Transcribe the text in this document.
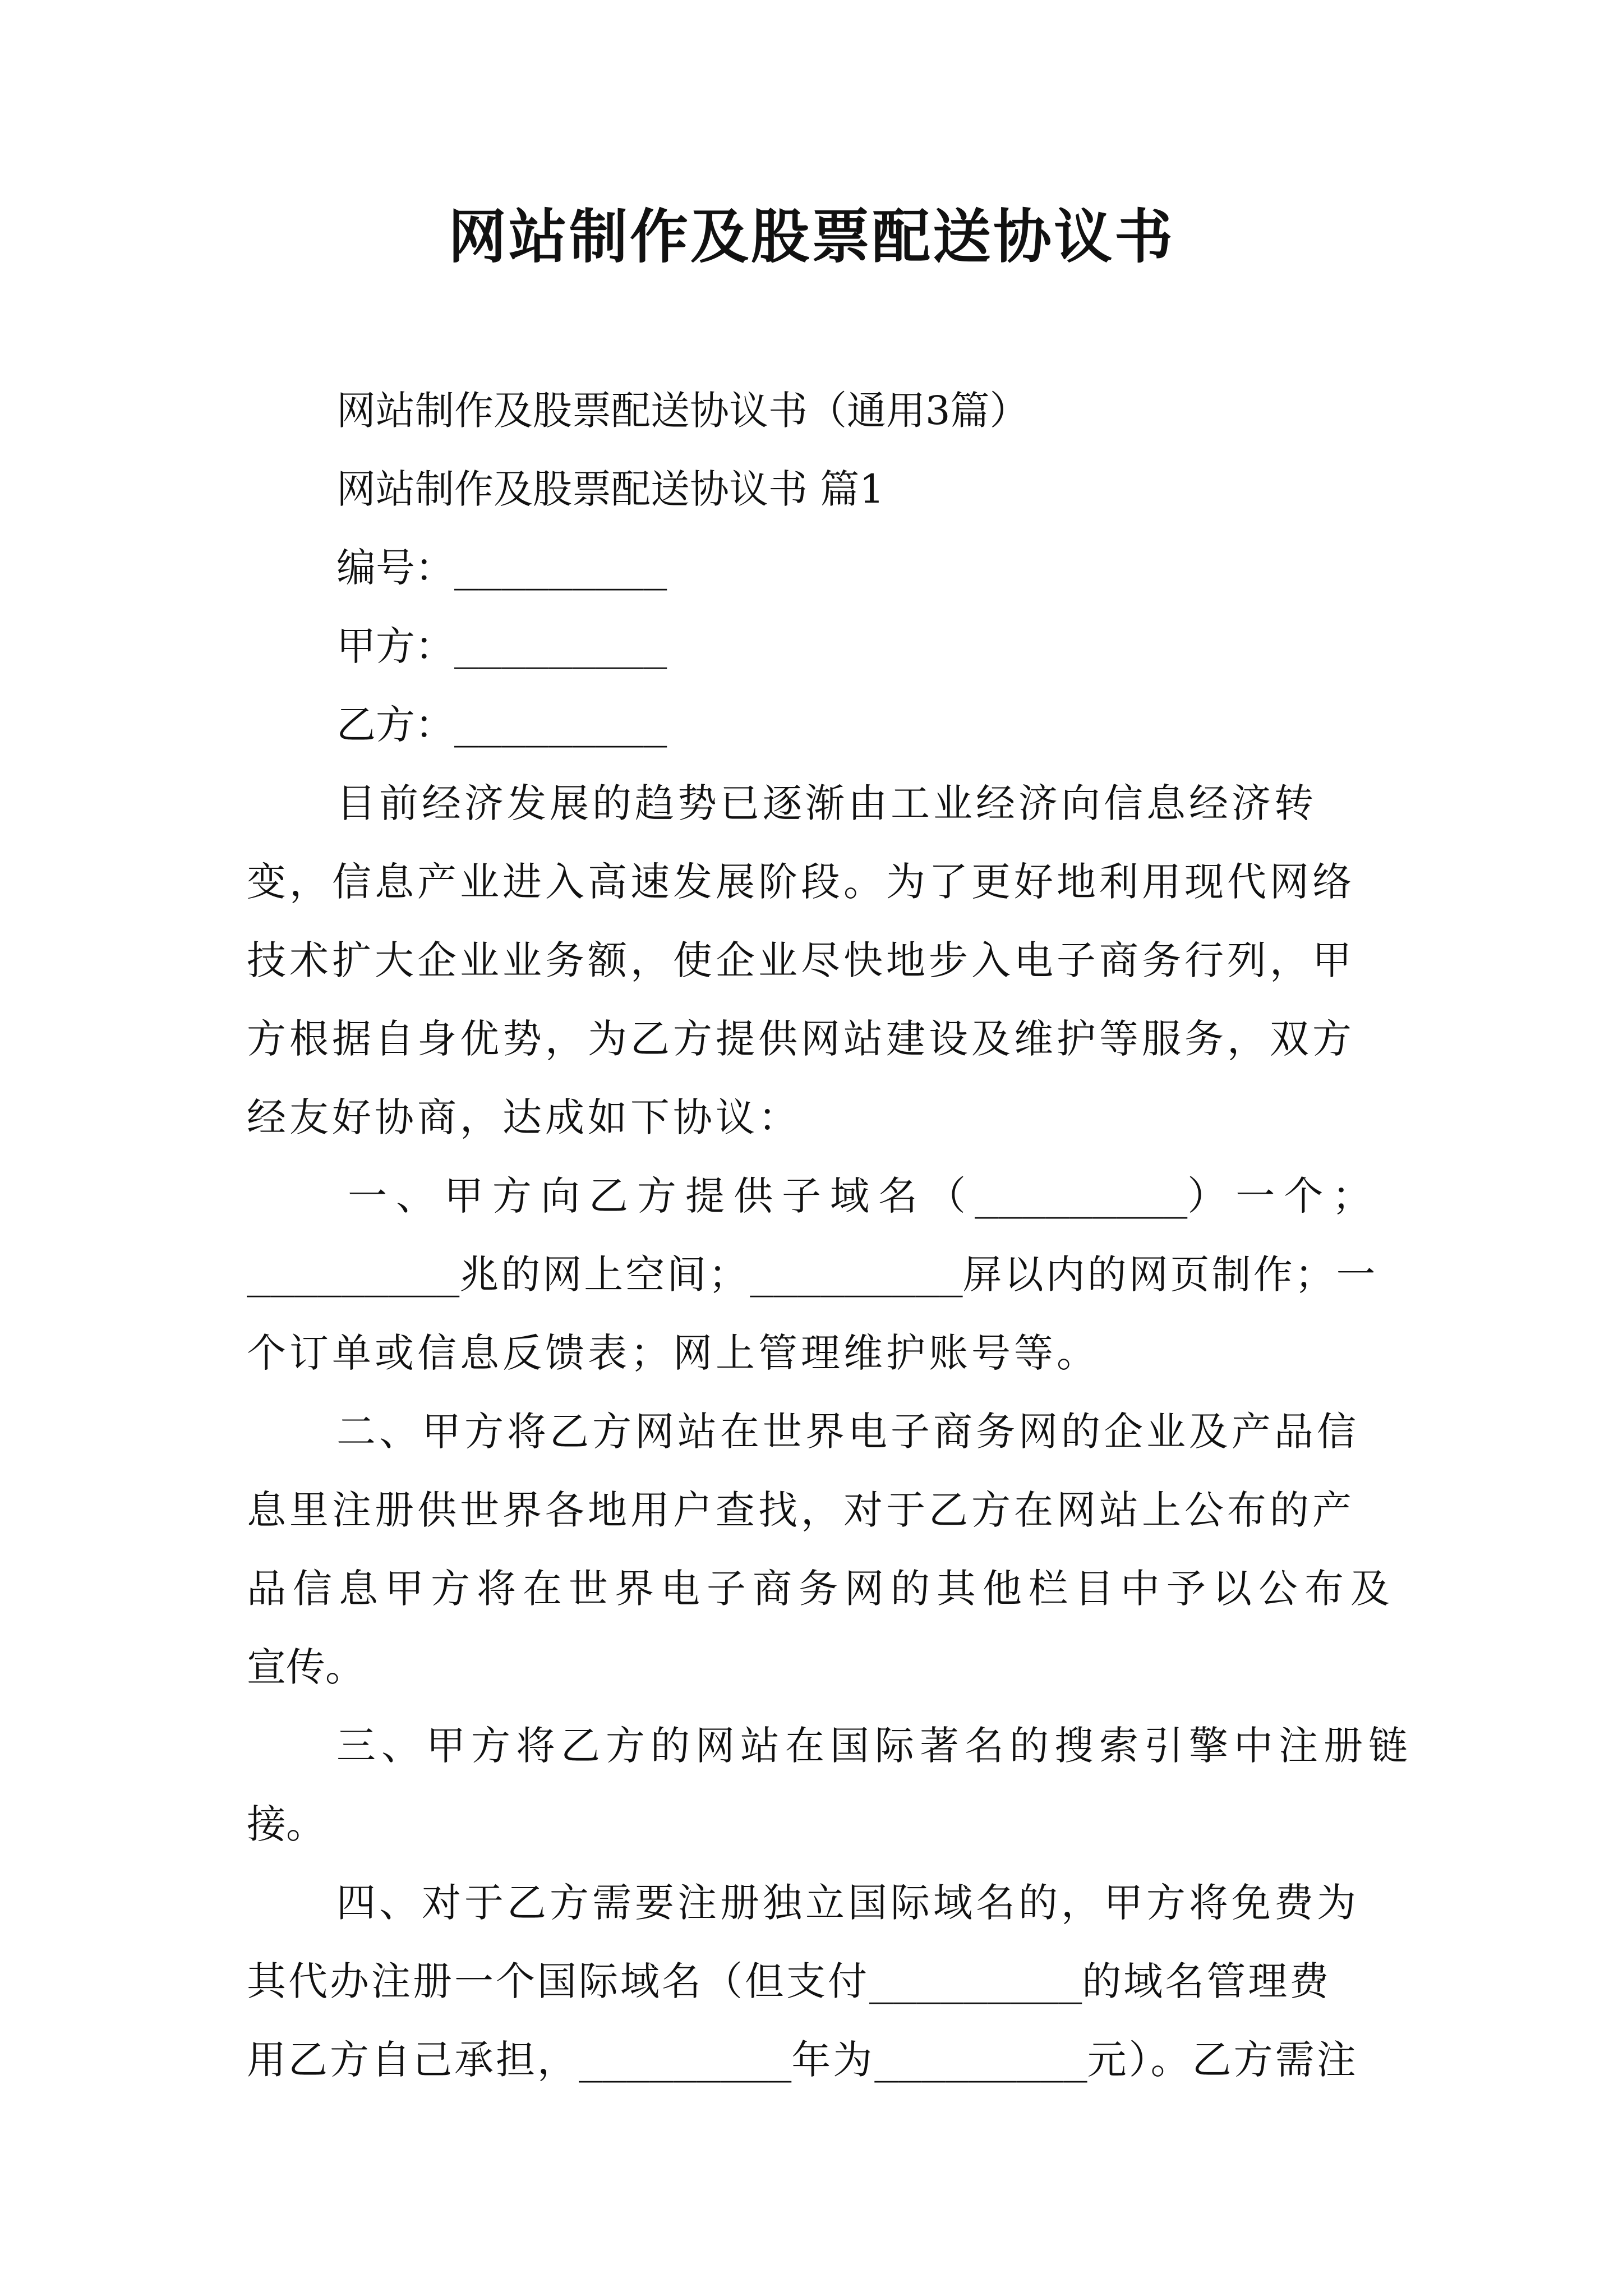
网站制作及股票配送协议书

网站制作及股票配送协议书（通用3篇）

网站制作及股票配送协议书 篇1

编号：_________

甲方：_________

乙方：_________

目前经济发展的趋势已逐渐由工业经济向信息经济转

变，信息产业进入高速发展阶段。为了更好地利用现代网络

技术扩大企业业务额，使企业尽快地步入电子商务行列，甲

方根据自身优势，为乙方提供网站建设及维护等服务，双方

经友好协商，达成如下协议：

一、甲方向乙方提供子域名（_________）一个；

_________兆的网上空间；_________屏以内的网页制作；一

个订单或信息反馈表；网上管理维护账号等。

二、甲方将乙方网站在世界电子商务网的企业及产品信

息里注册供世界各地用户查找，对于乙方在网站上公布的产

品信息甲方将在世界电子商务网的其他栏目中予以公布及

宣传。

三、甲方将乙方的网站在国际著名的搜索引擎中注册链

接。

四、对于乙方需要注册独立国际域名的，甲方将免费为

其代办注册一个国际域名（但支付_________的域名管理费

用乙方自己承担，_________年为_________元）。乙方需注
